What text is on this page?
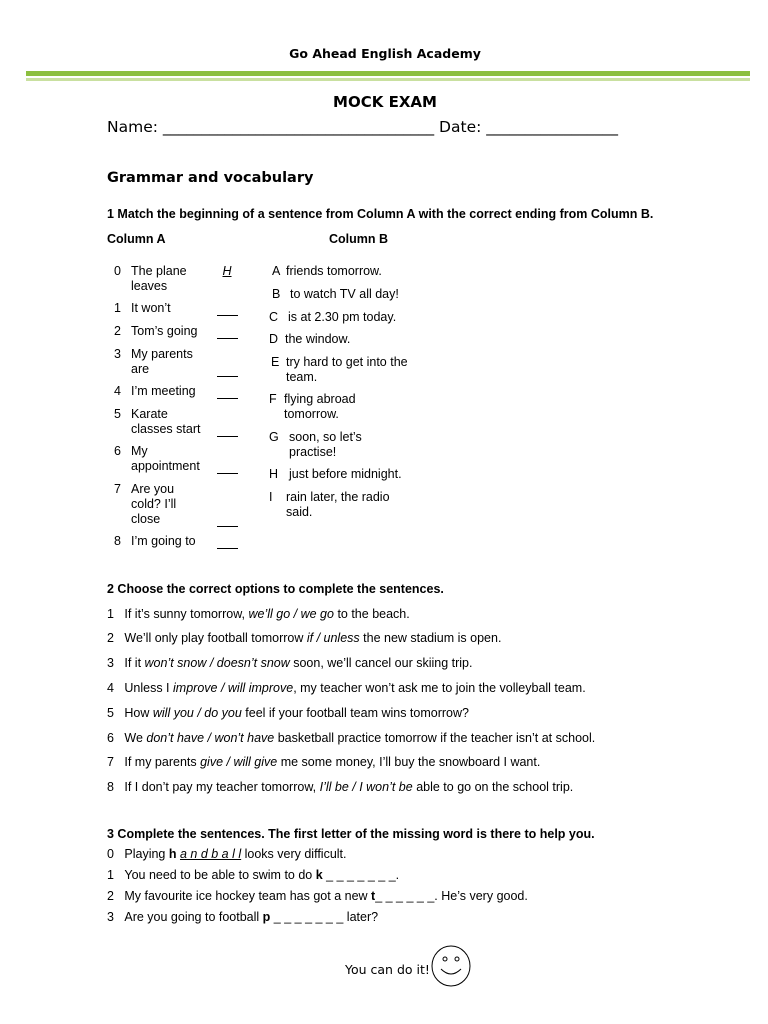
Go Ahead English Academy
MOCK EXAM
Name: ___________________________________ Date: _________________
Grammar and vocabulary
1 Match the beginning of a sentence from Column A with the correct ending from Column B.
Column A	Column B
0 The plane leaves
H
1 It won’t
2 Tom’s going
3 My parents are
4 I’m meeting
5 Karate classes start
6 My appointment
7 Are you cold? I’ll close
8 I’m going to
A friends tomorrow.
B to watch TV all day!
C is at 2.30 pm today.
D the window.
E try hard to get into the team.
F flying abroad tomorrow.
G soon, so let’s practise!
H just before midnight.
I rain later, the radio said.
2 Choose the correct options to complete the sentences.
1 If it’s sunny tomorrow, we’ll go / we go to the beach.
2 We’ll only play football tomorrow if / unless the new stadium is open.
3 If it won’t snow / doesn’t snow soon, we’ll cancel our skiing trip.
4 Unless I improve / will improve, my teacher won’t ask me to join the volleyball team.
5 How will you / do you feel if your football team wins tomorrow?
6 We don’t have / won’t have basketball practice tomorrow if the teacher isn’t at school.
7 If my parents give / will give me some money, I’ll buy the snowboard I want.
8 If I don’t pay my teacher tomorrow, I’ll be / I won’t be able to go on the school trip.
3 Complete the sentences. The first letter of the missing word is there to help you.
0 Playing h a n d b a l l looks very difficult.
1 You need to be able to swim to do k _ _ _ _ _ _ _.
2 My favourite ice hockey team has got a new t_ _ _ _ _ _. He’s very good.
3 Are you going to football p _ _ _ _ _ _ _ later?
You can do it!
